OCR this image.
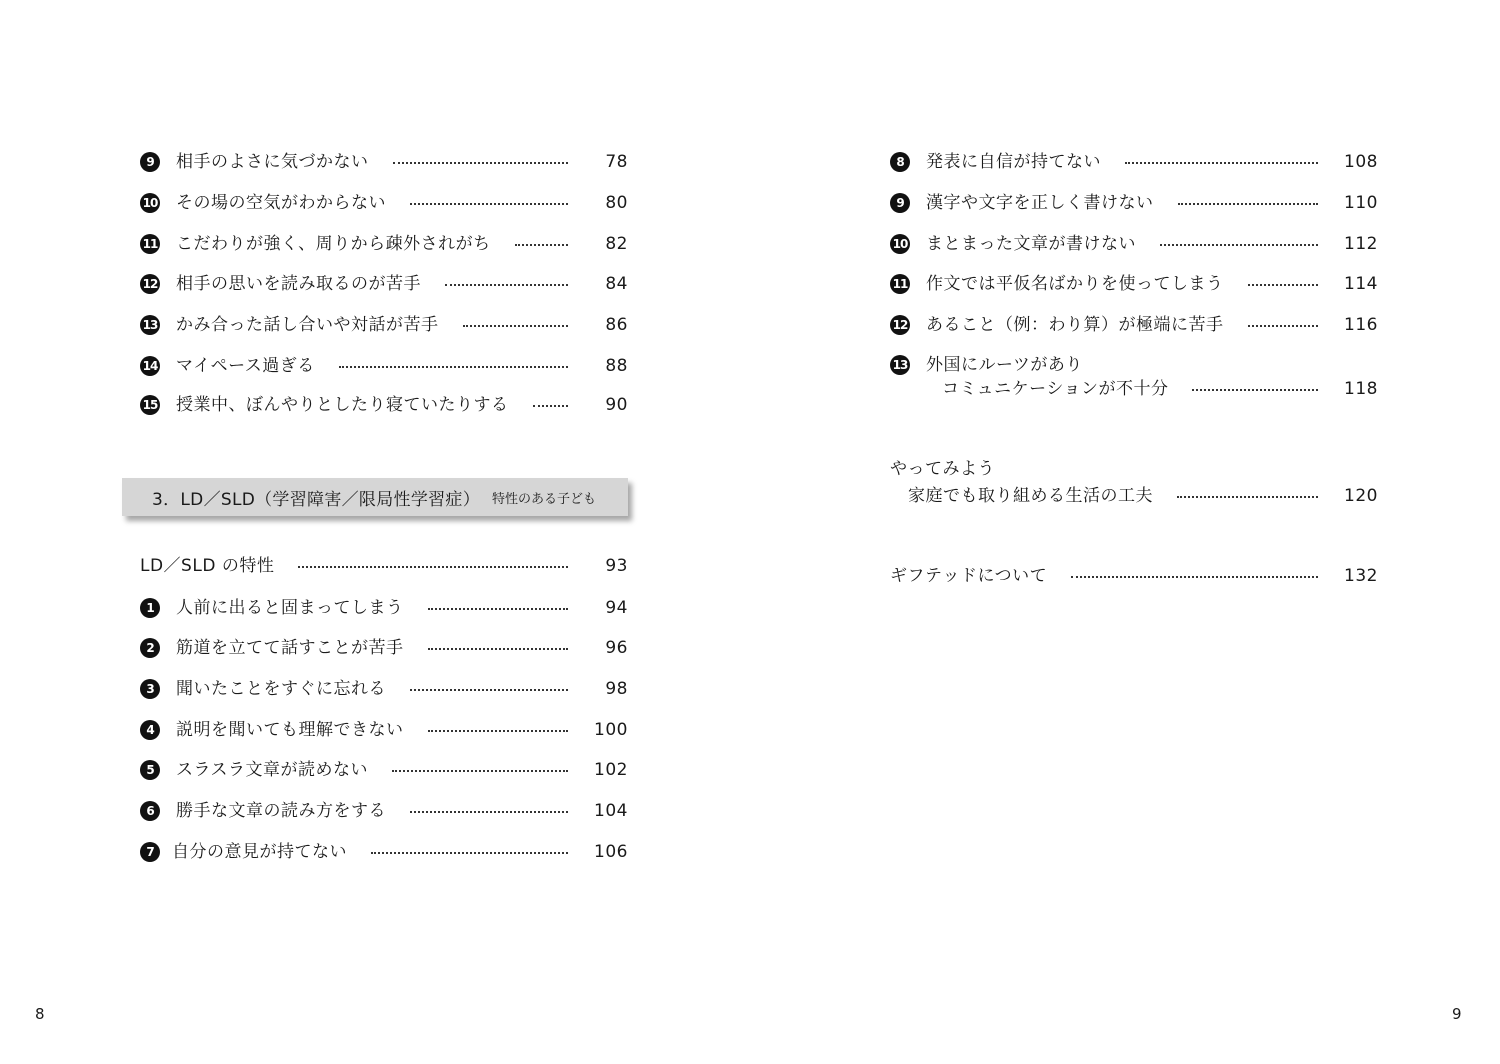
9	相手のよさに気づかない	78
10 その場の空気がわからない	80
11 こだわりが強く、周りから疎外されがち	82
12 相手の思いを読み取るのが苦手	84
13 かみ合った話し合いや対話が苦手	86
14 マイペース過ぎる	88
15 授業中、ぼんやりとしたり寝ていたりする	90
3．LD／SLD（学習障害／限局性学習症） 特性のある子ども
LD／SLD の特性	93
1	人前に出ると固まってしまう	94
2	筋道を立てて話すことが苦手	96
3	聞いたことをすぐに忘れる	98
4	説明を聞いても理解できない	100
5	スラスラ文章が読めない	102
6	勝手な文章の読み方をする	104
7	自分の意見が持てない	106
8
8	発表に自信が持てない	108
9	漢字や文字を正しく書けない	110
10 まとまった文章が書けない	112
11 作文では平仮名ばかりを使ってしまう	114
12 あること（例：わり算）が極端に苦手	116
13 外国にルーツがあり
コミュニケーションが不十分	118
やってみよう
家庭でも取り組める生活の工夫	120
ギフテッドについて	132
9
